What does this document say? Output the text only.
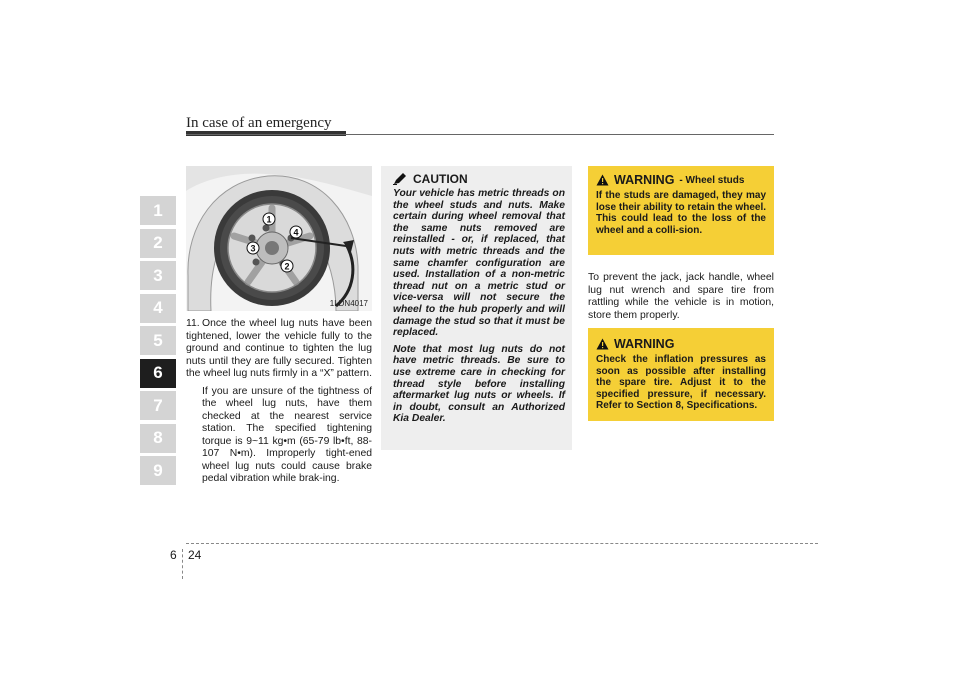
In case of an emergency
1
2
3
4
5
6
7
8
9
1
4
3
2
1LDN4017

11. Once the wheel lug nuts have been tightened, lower the vehicle fully to the ground and continue to tighten the lug nuts until they are fully secured. Tighten the wheel lug nuts firmly in a “X” pattern.

If you are unsure of the tightness of the wheel lug nuts, have them checked at the nearest service station. The specified tightening torque is 9~11 kg•m (65-79 lb•ft, 88-107 N•m). Improperly tight-ened wheel lug nuts could cause brake pedal vibration while brak-ing.

CAUTION

Your vehicle has metric threads on the wheel studs and nuts. Make certain during wheel removal that the same nuts removed are reinstalled - or, if replaced, that nuts with metric threads and the same chamfer configuration are used. Installation of a non-metric thread nut on a metric stud or vice-versa will not secure the wheel to the hub properly and will damage the stud so that it must be replaced.

Note that most lug nuts do not have metric threads. Be sure to use extreme care in checking for thread style before installing aftermarket lug nuts or wheels. If in doubt, consult an Authorized Kia Dealer.

WARNING - Wheel studs
If the studs are damaged, they may lose their ability to retain the wheel. This could lead to the loss of the wheel and a colli-sion.
To prevent the jack, jack handle, wheel lug nut wrench and spare tire from rattling while the vehicle is in motion, store them properly.
WARNING
Check the inflation pressures as soon as possible after installing the spare tire. Adjust it to the specified pressure, if necessary. Refer to Section 8, Specifications.
6 24
